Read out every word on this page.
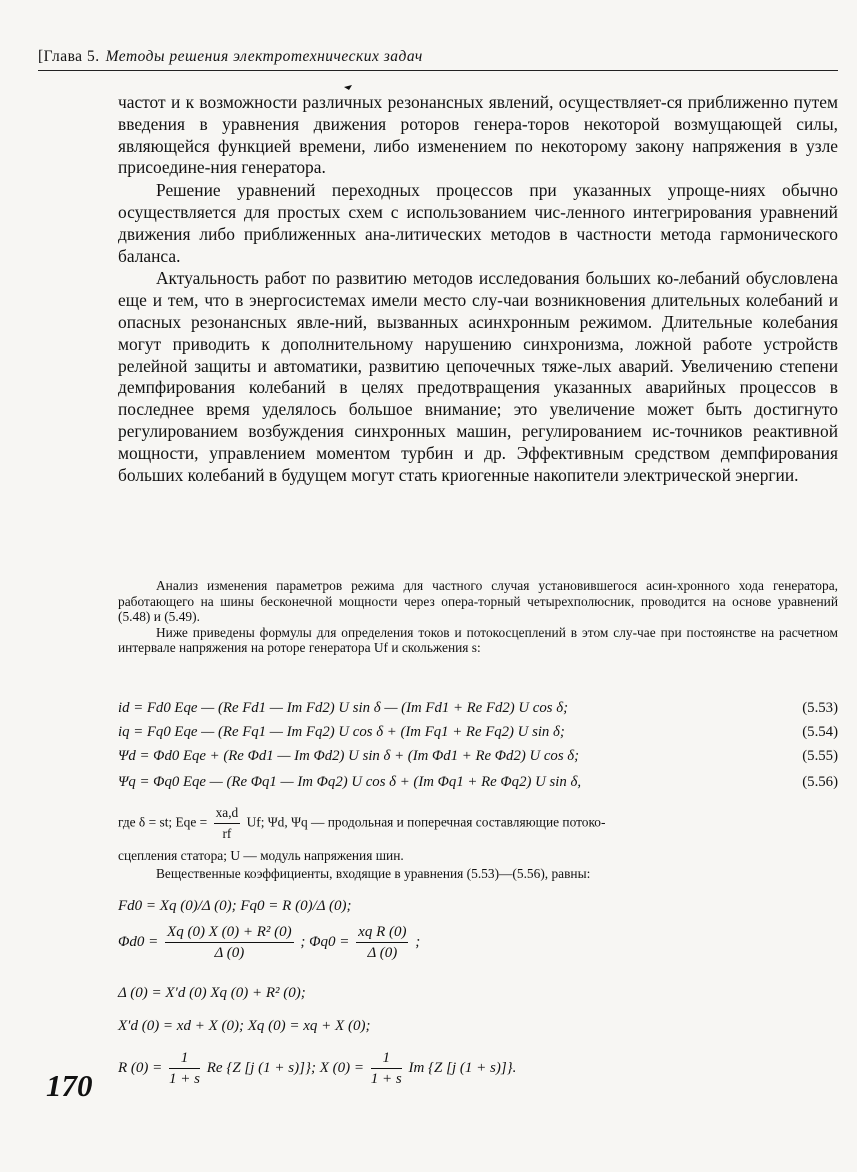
[Глава 5. Методы решения электротехнических задач

частот и к возможности различных резонансных явлений, осуществляет-ся приближенно путем введения в уравнения движения роторов генера-торов некоторой возмущающей силы, являющейся функцией времени, либо изменением по некоторому закону напряжения в узле присоедине-ния генератора.

Решение уравнений переходных процессов при указанных упроще-ниях обычно осуществляется для простых схем с использованием чис-ленного интегрирования уравнений движения либо приближенных ана-литических методов в частности метода гармонического баланса.

Актуальность работ по развитию методов исследования больших ко-лебаний обусловлена еще и тем, что в энергосистемах имели место слу-чаи возникновения длительных колебаний и опасных резонансных явле-ний, вызванных асинхронным режимом. Длительные колебания могут приводить к дополнительному нарушению синхронизма, ложной работе устройств релейной защиты и автоматики, развитию цепочечных тяже-лых аварий. Увеличению степени демпфирования колебаний в целях предотвращения указанных аварийных процессов в последнее время уделялось большое внимание; это увеличение может быть достигнуто регулированием возбуждения синхронных машин, регулированием ис-точников реактивной мощности, управлением моментом турбин и др. Эффективным средством демпфирования больших колебаний в будущем могут стать криогенные накопители электрической энергии.

Анализ изменения параметров режима для частного случая установившегося асин-хронного хода генератора, работающего на шины бесконечной мощности через опера-торный четырехполюсник, проводится на основе уравнений (5.48) и (5.49).

Ниже приведены формулы для определения токов и потокосцеплений в этом слу-чае при постоянстве на расчетном интервале напряжения на роторе генератора Uf и скольжения s:

id = Fd0 Eqe — (Re Fd1 — Im Fd2) U sin δ — (Im Fd1 + Re Fd2) U cos δ;	(5.53)
iq = Fq0 Eqe — (Re Fq1 — Im Fq2) U cos δ + (Im Fq1 + Re Fq2) U sin δ;	(5.54)
Ψd = Φd0 Eqe + (Re Φd1 — Im Φd2) U sin δ + (Im Φd1 + Re Φd2) U cos δ;	(5.55)
Ψq = Φq0 Eqe — (Re Φq1 — Im Φq2) U cos δ + (Im Φq1 + Re Φq2) U sin δ,	(5.56)
где δ = st; Eqe = $\frac{xa,d}{rf} Uf$; Ψd, Ψq — продольная и поперечная составляющие потоко-
сцепления статора; U — модуль напряжения шин.
Вещественные коэффициенты, входящие в уравнения (5.53)—(5.56), равны:
Fd0 = Xq (0)/Δ (0); Fq0 = R (0)/Δ (0);
$\Phi d0 = \frac{\text{Xq (0) X (0) + R² (0)}}{\Delta (0)}$ ; $\Phi q0 = \frac{\text{xq R (0)}}{\Delta (0)}$ ;
Δ (0) = X′d (0) Xq (0) + R² (0);
X′d (0) = xd + X (0); Xq (0) = xq + X (0);
R $(0) = \frac{1}{1 + s}$ Re {Z [j (1 + s)]}; X $(0) = \frac{1}{1 + s}$ Im {Z [j (1 + s)]}.
170
